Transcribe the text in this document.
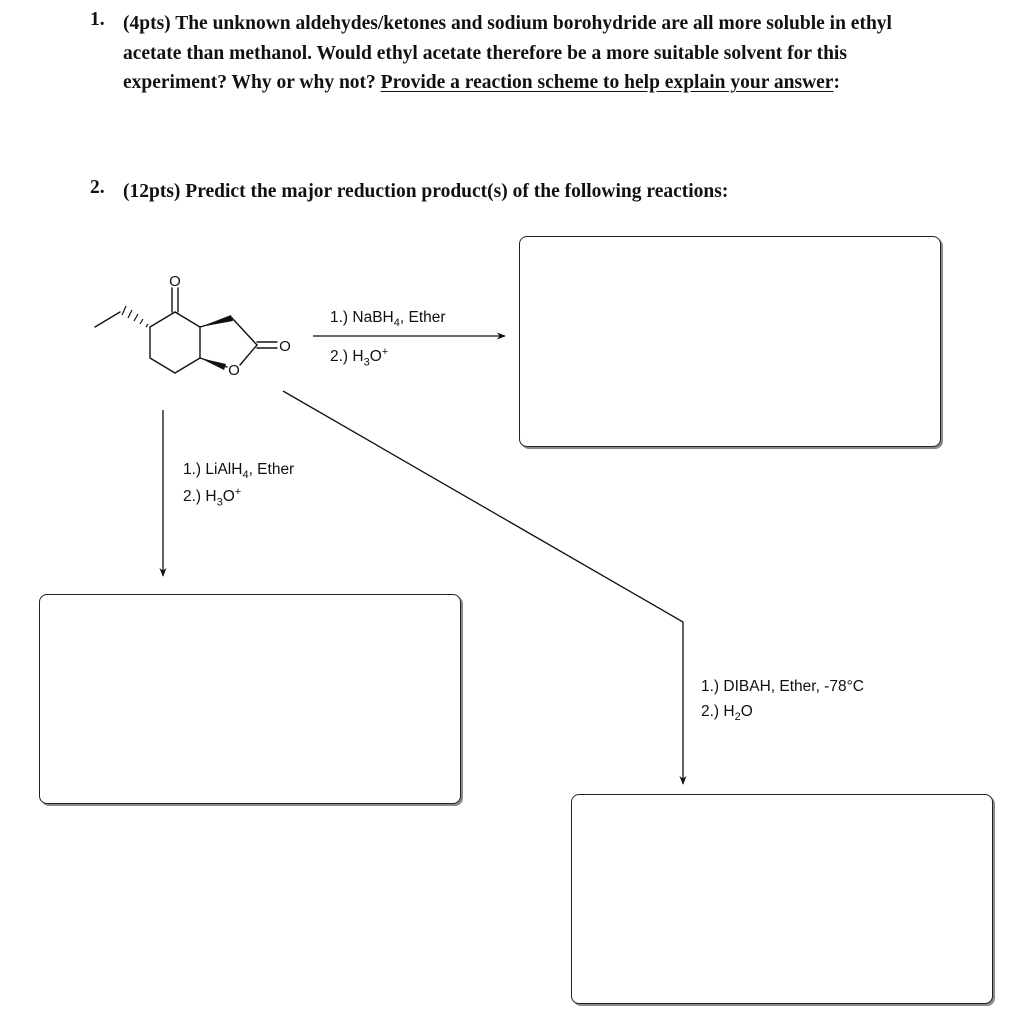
1. (4pts) The unknown aldehydes/ketones and sodium borohydride are all more soluble in ethyl acetate than methanol. Would ethyl acetate therefore be a more suitable solvent for this experiment? Why or why not? Provide a reaction scheme to help explain your answer:
2. (12pts) Predict the major reduction product(s) of the following reactions:
O
O
O
1.) NaBH$_4$, Ether
2.) $H_3O^+$
1.) LiAlH$_4$, Ether
2.) $H_3O^+$
1.) DIBAH, Ether, -78°C
2.) $H_2O$
